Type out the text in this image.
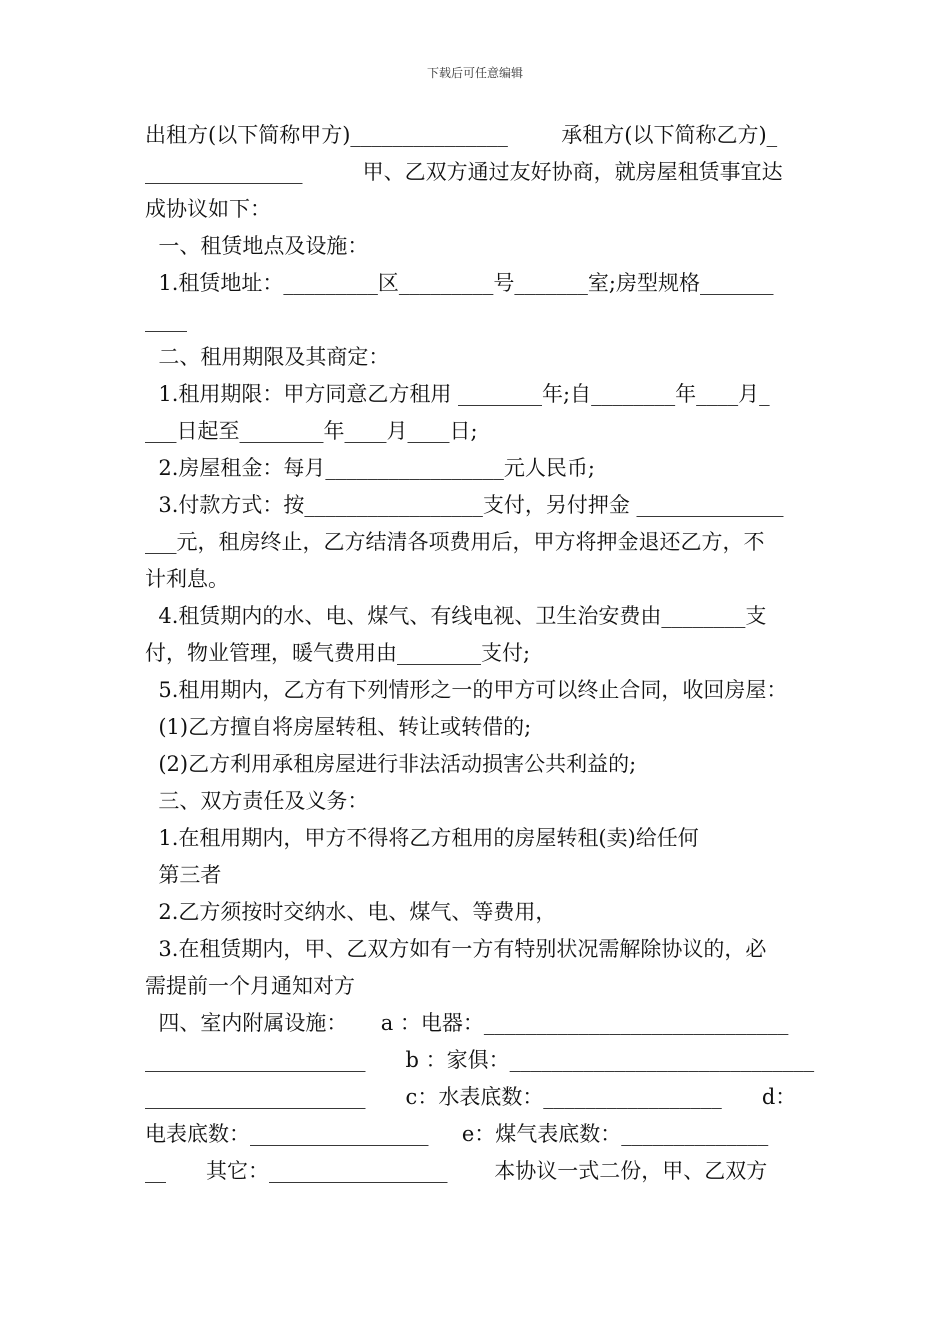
下载后可任意编辑
出租方(以下简称甲方)_______________        承租方(以下简称乙方)_
_______________         甲、乙双方通过友好协商，就房屋租赁事宜达
成协议如下：
一、租赁地点及设施：
1.租赁地址：_________区_________号_______室;房型规格_______
____
二、租用期限及其商定：
1.租用期限：甲方同意乙方租用 ________年;自________年____月_
___日起至________年____月____日;
2.房屋租金：每月_________________元人民币;
3.付款方式：按_________________支付，另付押金 ______________
___元，租房终止，乙方结清各项费用后，甲方将押金退还乙方，不
计利息。
4.租赁期内的水、电、煤气、有线电视、卫生治安费由________支
付，物业管理，暖气费用由________支付;
5.租用期内，乙方有下列情形之一的甲方可以终止合同，收回房屋：
(1)乙方擅自将房屋转租、转让或转借的;
(2)乙方利用承租房屋进行非法活动损害公共利益的;
三、双方责任及义务：
1.在租用期内，甲方不得将乙方租用的房屋转租(卖)给任何
第三者
2.乙方须按时交纳水、电、煤气、等费用，
3.在租赁期内，甲、乙双方如有一方有特别状况需解除协议的，必
需提前一个月通知对方
四、室内附属设施：     a ：电器：_____________________________
_____________________      b ：家俱：_____________________________
_____________________      c：水表底数：_________________      d：
电表底数：_________________     e：煤气表底数：______________
__      其它：_________________       本协议一式二份，甲、乙双方
